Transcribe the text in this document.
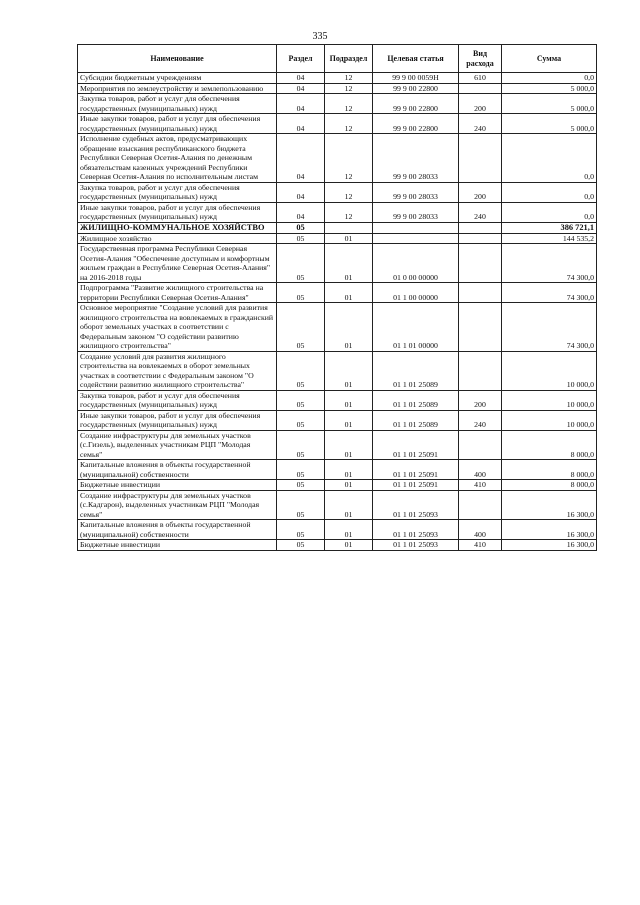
335
Наименование	Раздел	Подраздел	Целевая статья	Вид расхода	Сумма
Субсидии бюджетным учреждениям	04	12	99 9 00 0059Н	610	0,0
Мероприятия по землеустройству и землепользованию	04	12	99 9 00 22800		5 000,0
Закупка товаров, работ и услуг для обеспечения государственных (муниципальных) нужд	04	12	99 9 00 22800	200	5 000,0
Иные закупки товаров, работ и услуг для обеспечения государственных (муниципальных) нужд	04	12	99 9 00 22800	240	5 000,0
Исполнение судебных актов, предусматривающих обращение взыскания республиканского бюджета Республики Северная Осетия-Алания по денежным обязательствам казенных учреждений Республики Северная Осетия-Алания по исполнительным листам	04	12	99 9 00 28033		0,0
Закупка товаров, работ и услуг для обеспечения государственных (муниципальных) нужд	04	12	99 9 00 28033	200	0,0
Иные закупки товаров, работ и услуг для обеспечения государственных (муниципальных) нужд	04	12	99 9 00 28033	240	0,0
ЖИЛИЩНО-КОММУНАЛЬНОЕ ХОЗЯЙСТВО	05				386 721,1
Жилищное хозяйство	05	01			144 535,2
Государственная программа Республики Северная Осетия-Алания "Обеспечение доступным и комфортным жильем граждан в Республике Северная Осетия-Алания" на 2016-2018 годы	05	01	01 0 00 00000		74 300,0
Подпрограмма "Развитие жилищного строительства на территории Республики Северная Осетия-Алания"	05	01	01 1 00 00000		74 300,0
Основное мероприятие "Создание условий для развития жилищного строительства на вовлекаемых в гражданский оборот земельных участках в соответствии с Федеральным законом "О содействии развитию жилищного строительства"	05	01	01 1 01 00000		74 300,0
Создание условий для развития жилищного строительства на вовлекаемых в оборот земельных участках в соответствии с Федеральным законом "О содействии развитию жилищного строительства"	05	01	01 1 01 25089		10 000,0
Закупка товаров, работ и услуг для обеспечения государственных (муниципальных) нужд	05	01	01 1 01 25089	200	10 000,0
Иные закупки товаров, работ и услуг для обеспечения государственных (муниципальных) нужд	05	01	01 1 01 25089	240	10 000,0
Создание инфраструктуры для земельных участков (с.Гизель), выделенных участникам РЦП "Молодая семья"	05	01	01 1 01 25091		8 000,0
Капитальные вложения в объекты государственной (муниципальной) собственности	05	01	01 1 01 25091	400	8 000,0
Бюджетные инвестиции	05	01	01 1 01 25091	410	8 000,0
Создание инфраструктуры для земельных участков (с.Кадгарон), выделенных участникам РЦП "Молодая семья"	05	01	01 1 01 25093		16 300,0
Капитальные вложения в объекты государственной (муниципальной) собственности	05	01	01 1 01 25093	400	16 300,0
Бюджетные инвестиции	05	01	01 1 01 25093	410	16 300,0
